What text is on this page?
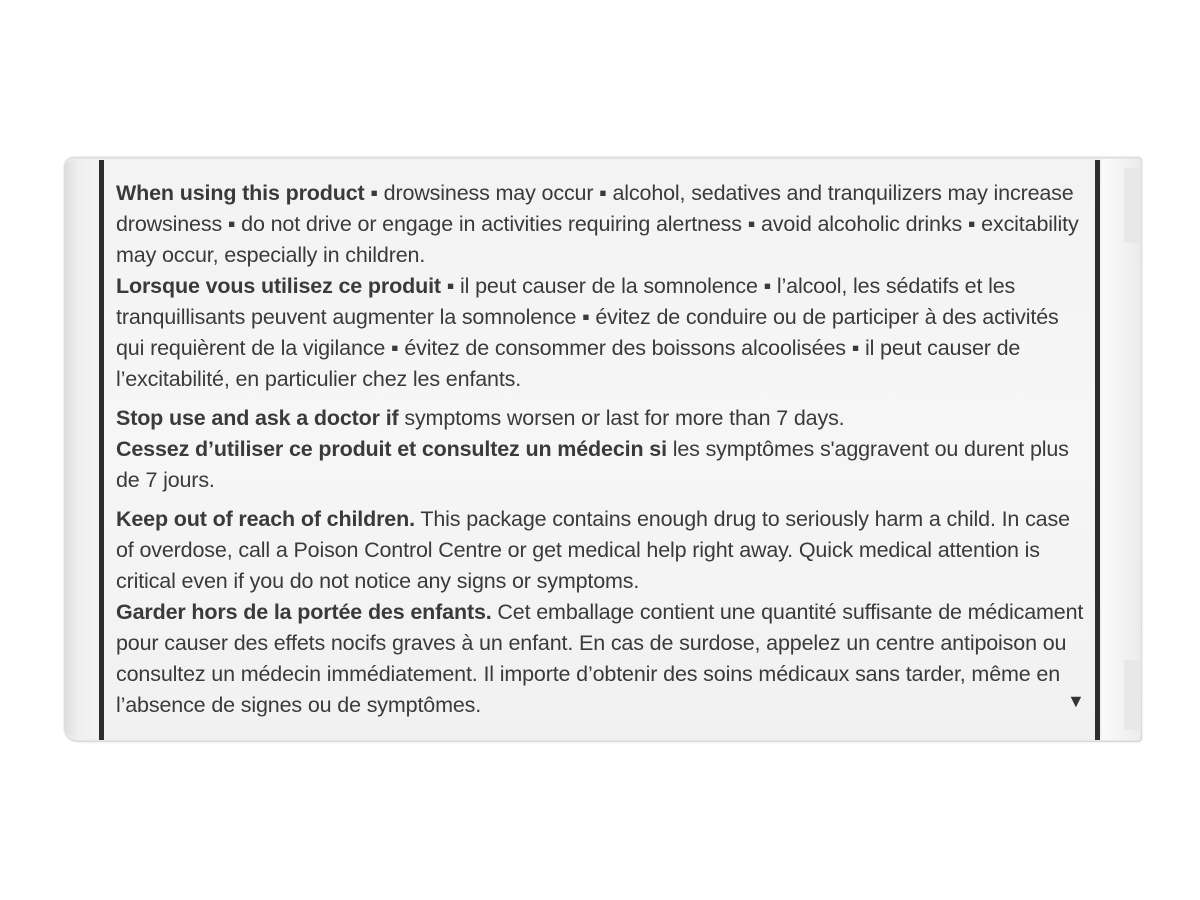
When using this product ▪ drowsiness may occur ▪ alcohol, sedatives and tranquilizers may increase drowsiness ▪ do not drive or engage in activities requiring alertness ▪ avoid alcoholic drinks ▪ excitability may occur, especially in children.

Lorsque vous utilisez ce produit ▪ il peut causer de la somnolence ▪ l’alcool, les sédatifs et les tranquillisants peuvent augmenter la somnolence ▪ évitez de conduire ou de participer à des activités qui requièrent de la vigilance ▪ évitez de consommer des boissons alcoolisées ▪ il peut causer de l’excitabilité, en particulier chez les enfants.

Stop use and ask a doctor if symptoms worsen or last for more than 7 days.

Cessez d’utiliser ce produit et consultez un médecin si les symptômes s'aggravent ou durent plus de 7 jours.

Keep out of reach of children. This package contains enough drug to seriously harm a child. In case of overdose, call a Poison Control Centre or get medical help right away. Quick medical attention is critical even if you do not notice any signs or symptoms.

Garder hors de la portée des enfants. Cet emballage contient une quantité suffisante de médicament pour causer des effets nocifs graves à un enfant. En cas de surdose, appelez un centre antipoison ou consultez un médecin immédiatement. Il importe d’obtenir des soins médicaux sans tarder, même en l’absence de signes ou de symptômes.	▼
